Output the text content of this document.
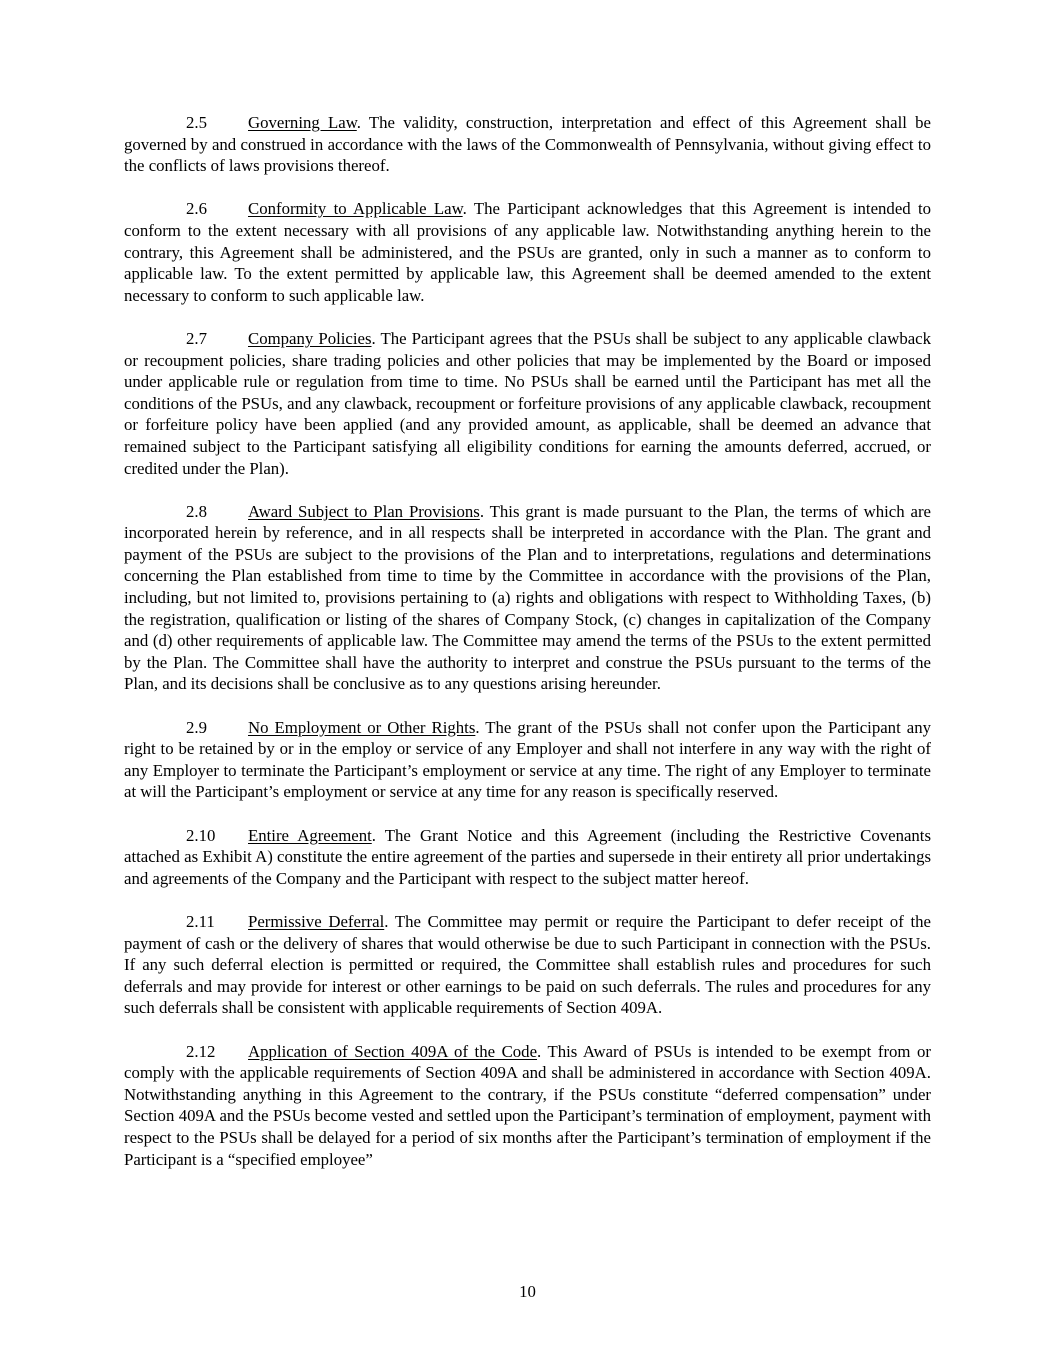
2.5 Governing Law. The validity, construction, interpretation and effect of this Agreement shall be governed by and construed in accordance with the laws of the Commonwealth of Pennsylvania, without giving effect to the conflicts of laws provisions thereof.

2.6 Conformity to Applicable Law. The Participant acknowledges that this Agreement is intended to conform to the extent necessary with all provisions of any applicable law. Notwithstanding anything herein to the contrary, this Agreement shall be administered, and the PSUs are granted, only in such a manner as to conform to applicable law. To the extent permitted by applicable law, this Agreement shall be deemed amended to the extent necessary to conform to such applicable law.

2.7 Company Policies. The Participant agrees that the PSUs shall be subject to any applicable clawback or recoupment policies, share trading policies and other policies that may be implemented by the Board or imposed under applicable rule or regulation from time to time. No PSUs shall be earned until the Participant has met all the conditions of the PSUs, and any clawback, recoupment or forfeiture provisions of any applicable clawback, recoupment or forfeiture policy have been applied (and any provided amount, as applicable, shall be deemed an advance that remained subject to the Participant satisfying all eligibility conditions for earning the amounts deferred, accrued, or credited under the Plan).

2.8 Award Subject to Plan Provisions. This grant is made pursuant to the Plan, the terms of which are incorporated herein by reference, and in all respects shall be interpreted in accordance with the Plan. The grant and payment of the PSUs are subject to the provisions of the Plan and to interpretations, regulations and determinations concerning the Plan established from time to time by the Committee in accordance with the provisions of the Plan, including, but not limited to, provisions pertaining to (a) rights and obligations with respect to Withholding Taxes, (b) the registration, qualification or listing of the shares of Company Stock, (c) changes in capitalization of the Company and (d) other requirements of applicable law. The Committee may amend the terms of the PSUs to the extent permitted by the Plan. The Committee shall have the authority to interpret and construe the PSUs pursuant to the terms of the Plan, and its decisions shall be conclusive as to any questions arising hereunder.

2.9 No Employment or Other Rights. The grant of the PSUs shall not confer upon the Participant any right to be retained by or in the employ or service of any Employer and shall not interfere in any way with the right of any Employer to terminate the Participant’s employment or service at any time. The right of any Employer to terminate at will the Participant’s employment or service at any time for any reason is specifically reserved.

2.10 Entire Agreement. The Grant Notice and this Agreement (including the Restrictive Covenants attached as Exhibit A) constitute the entire agreement of the parties and supersede in their entirety all prior undertakings and agreements of the Company and the Participant with respect to the subject matter hereof.

2.11 Permissive Deferral. The Committee may permit or require the Participant to defer receipt of the payment of cash or the delivery of shares that would otherwise be due to such Participant in connection with the PSUs. If any such deferral election is permitted or required, the Committee shall establish rules and procedures for such deferrals and may provide for interest or other earnings to be paid on such deferrals. The rules and procedures for any such deferrals shall be consistent with applicable requirements of Section 409A.

2.12 Application of Section 409A of the Code. This Award of PSUs is intended to be exempt from or comply with the applicable requirements of Section 409A and shall be administered in accordance with Section 409A. Notwithstanding anything in this Agreement to the contrary, if the PSUs constitute “deferred compensation” under Section 409A and the PSUs become vested and settled upon the Participant’s termination of employment, payment with respect to the PSUs shall be delayed for a period of six months after the Participant’s termination of employment if the Participant is a “specified employee”

10
